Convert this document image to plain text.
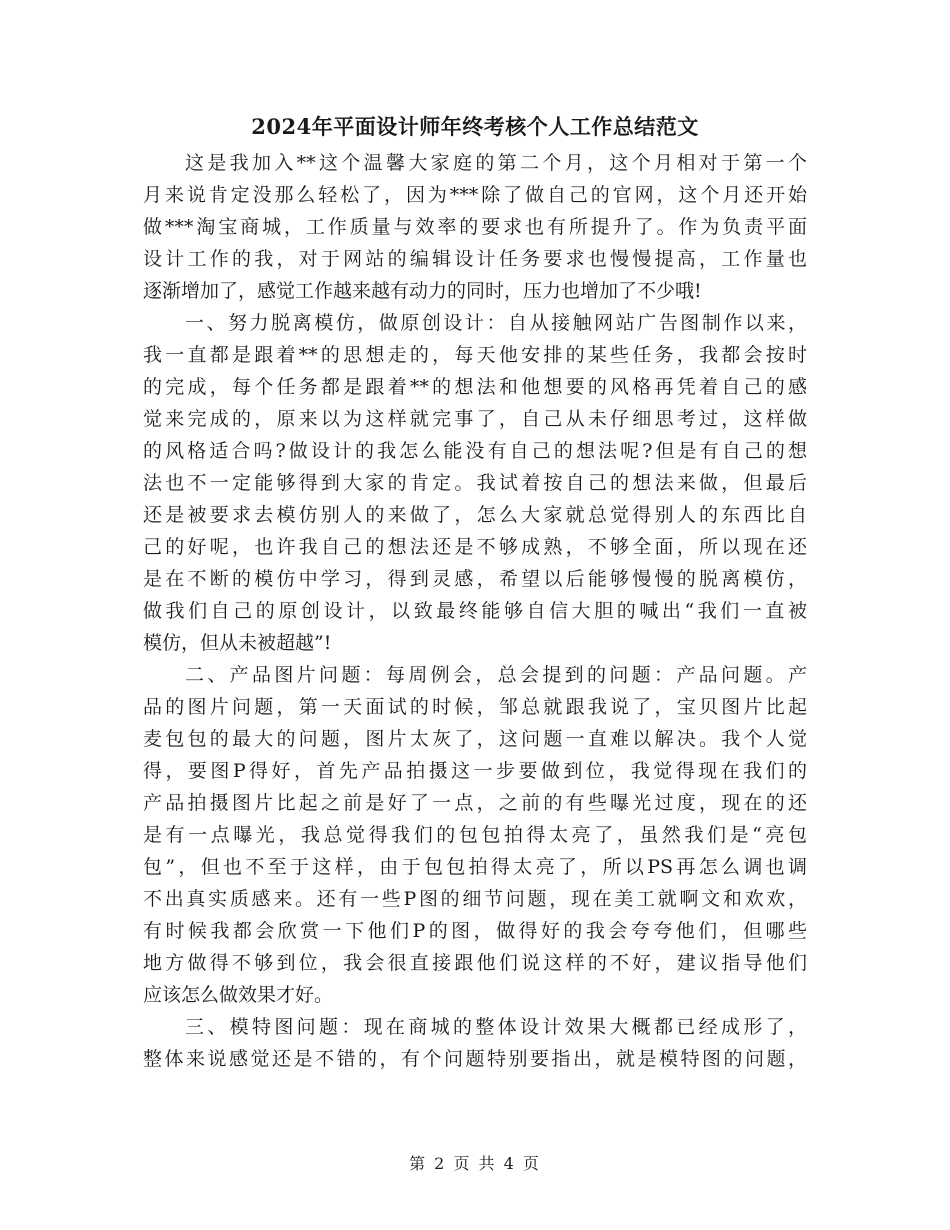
2024年平面设计师年终考核个人工作总结范文
这是我加入**这个温馨大家庭的第二个月，这个月相对于第一个
月来说肯定没那么轻松了，因为***除了做自己的官网，这个月还开始
做***淘宝商城，工作质量与效率的要求也有所提升了。作为负责平面
设计工作的我，对于网站的编辑设计任务要求也慢慢提高，工作量也
逐渐增加了，感觉工作越来越有动力的同时，压力也增加了不少哦!
一、努力脱离模仿，做原创设计：自从接触网站广告图制作以来，
我一直都是跟着**的思想走的，每天他安排的某些任务，我都会按时
的完成，每个任务都是跟着**的想法和他想要的风格再凭着自己的感
觉来完成的，原来以为这样就完事了，自己从未仔细思考过，这样做
的风格适合吗?做设计的我怎么能没有自己的想法呢?但是有自己的想
法也不一定能够得到大家的肯定。我试着按自己的想法来做，但最后
还是被要求去模仿别人的来做了，怎么大家就总觉得别人的东西比自
己的好呢，也许我自己的想法还是不够成熟，不够全面，所以现在还
是在不断的模仿中学习，得到灵感，希望以后能够慢慢的脱离模仿，
做我们自己的原创设计，以致最终能够自信大胆的喊出“我们一直被
模仿，但从未被超越”!
二、产品图片问题：每周例会，总会提到的问题：产品问题。产
品的图片问题，第一天面试的时候，邹总就跟我说了，宝贝图片比起
麦包包的最大的问题，图片太灰了，这问题一直难以解决。我个人觉
得，要图P得好，首先产品拍摄这一步要做到位，我觉得现在我们的
产品拍摄图片比起之前是好了一点，之前的有些曝光过度，现在的还
是有一点曝光，我总觉得我们的包包拍得太亮了，虽然我们是“亮包
包”，但也不至于这样，由于包包拍得太亮了，所以PS再怎么调也调
不出真实质感来。还有一些P图的细节问题，现在美工就啊文和欢欢，
有时候我都会欣赏一下他们P的图，做得好的我会夸夸他们，但哪些
地方做得不够到位，我会很直接跟他们说这样的不好，建议指导他们
应该怎么做效果才好。
三、模特图问题：现在商城的整体设计效果大概都已经成形了，
整体来说感觉还是不错的，有个问题特别要指出，就是模特图的问题，
第 2 页 共 4 页
